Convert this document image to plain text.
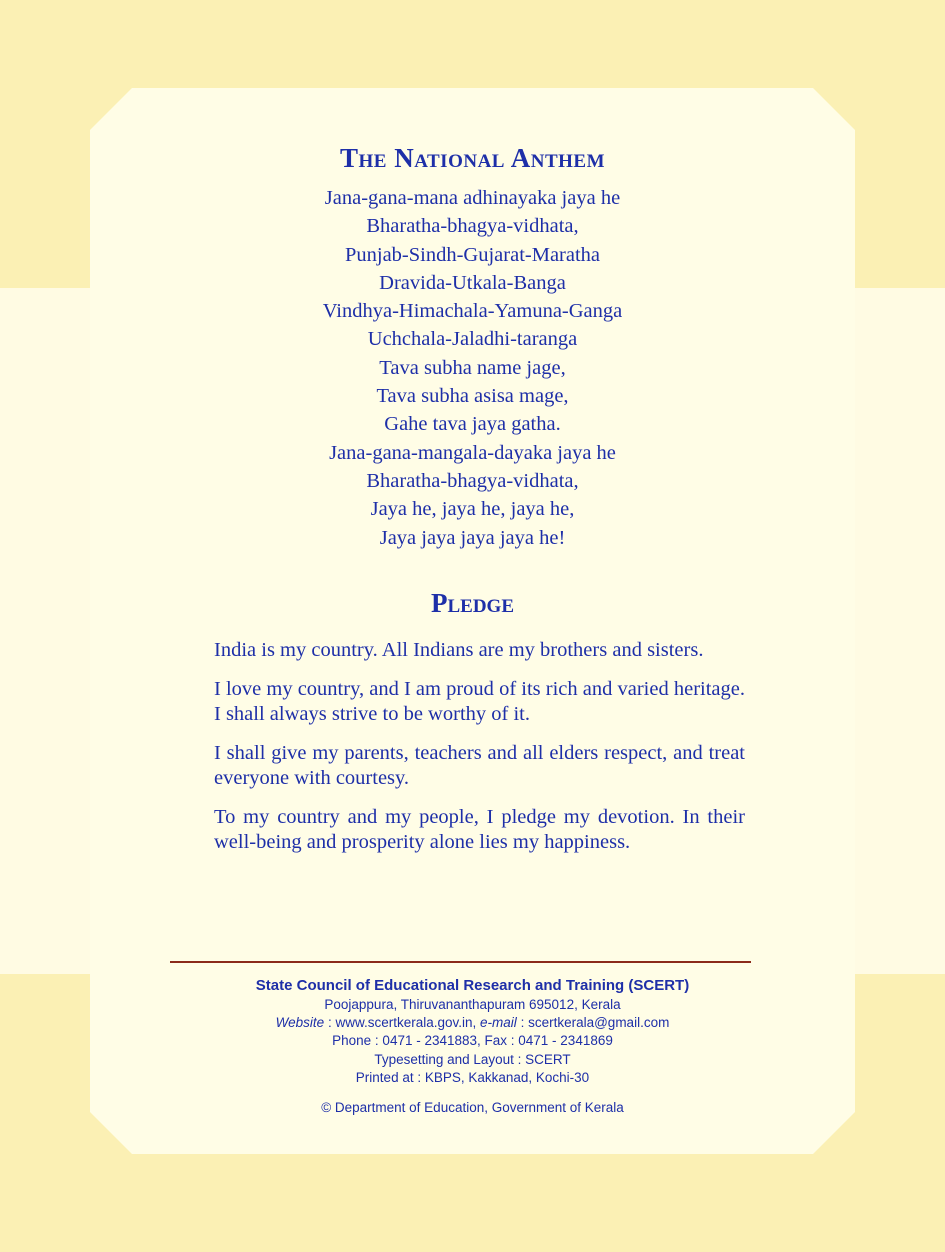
The National Anthem
Jana-gana-mana adhinayaka jaya he
Bharatha-bhagya-vidhata,
Punjab-Sindh-Gujarat-Maratha
Dravida-Utkala-Banga
Vindhya-Himachala-Yamuna-Ganga
Uchchala-Jaladhi-taranga
Tava subha name jage,
Tava subha asisa mage,
Gahe tava jaya gatha.
Jana-gana-mangala-dayaka jaya he
Bharatha-bhagya-vidhata,
Jaya he, jaya he, jaya he,
Jaya jaya jaya jaya he!
Pledge

India is my country. All Indians are my brothers and sisters.

I love my country, and I am proud of its rich and varied heritage. I shall always strive to be worthy of it.

I shall give my parents, teachers and all elders respect, and treat everyone with courtesy.

To my country and my people, I pledge my devotion. In their well-being and prosperity alone lies my happiness.

State Council of Educational Research and Training (SCERT)
Poojappura, Thiruvananthapuram 695012, Kerala
Website : www.scertkerala.gov.in, e-mail : scertkerala@gmail.com
Phone : 0471 - 2341883, Fax : 0471 - 2341869
Typesetting and Layout : SCERT
Printed at : KBPS, Kakkanad, Kochi-30
© Department of Education, Government of Kerala
